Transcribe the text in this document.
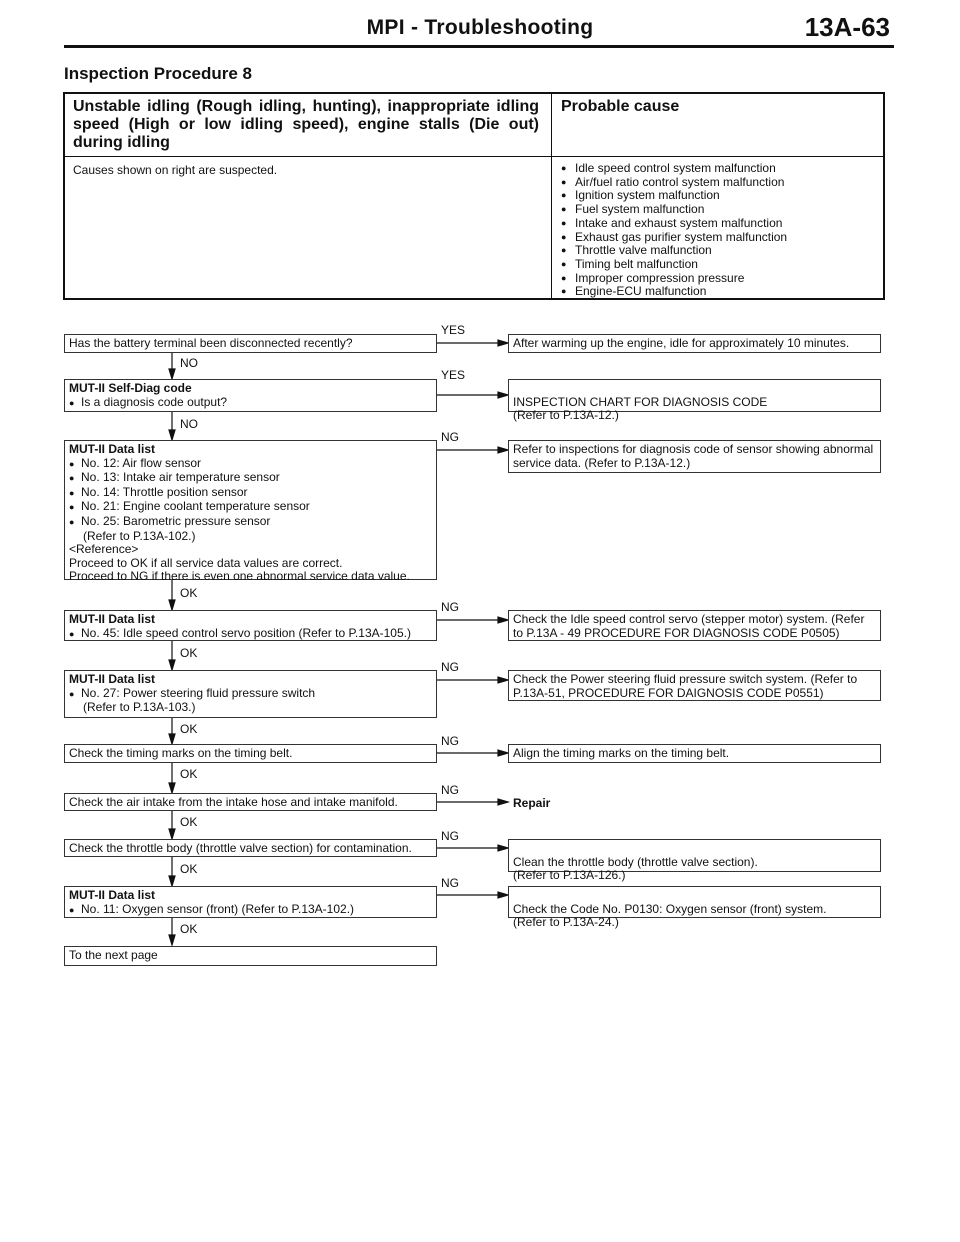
MPI - Troubleshooting	13A-63
Inspection Procedure 8
Unstable idling (Rough idling, hunting), inappropriate idling speed (High or low idling speed), engine stalls (Die out) during idling
Probable cause
Causes shown on right are suspected.
●	Idle speed control system malfunction
● Air/fuel ratio control system malfunction
● Ignition system malfunction
● Fuel system malfunction
● Intake and exhaust system malfunction
● Exhaust gas purifier system malfunction
● Throttle valve malfunction
● Timing belt malfunction
● Improper compression pressure
● Engine-ECU malfunction
Has the battery terminal been disconnected recently?
YES
After warming up the engine, idle for approximately 10 minutes.
NO
MUT-II Self-Diag code
● Is a diagnosis code output?
YES

INSPECTION CHART FOR DIAGNOSIS CODE
(Refer to P.13A-12.)

NO
MUT-II Data list
● No. 12: Air flow sensor
● No. 13: Intake air temperature sensor
● No. 14: Throttle position sensor
● No. 21: Engine coolant temperature sensor
● No. 25: Barometric pressure sensor
(Refer to P.13A-102.)
<Reference>
Proceed to OK if all service data values are correct.
Proceed to NG if there is even one abnormal service data value.
NG
Refer to inspections for diagnosis code of sensor showing abnormal service data. (Refer to P.13A-12.)
OK
MUT-II Data list
● No. 45: Idle speed control servo position (Refer to P.13A-105.)
NG
Check the Idle speed control servo (stepper motor) system. (Refer to P.13A - 49 PROCEDURE FOR DIAGNOSIS CODE P0505)
OK
MUT-II Data list
● No. 27: Power steering fluid pressure switch
(Refer to P.13A-103.)
NG
Check the Power steering fluid pressure switch system. (Refer to P.13A-51, PROCEDURE FOR DAIGNOSIS CODE P0551)
OK
Check the timing marks on the timing belt.
NG
Align the timing marks on the timing belt.
OK
Check the air intake from the intake hose and intake manifold.
NG
Repair
OK
Check the throttle body (throttle valve section) for contamination.
NG

Clean the throttle body (throttle valve section).
(Refer to P.13A-126.)

OK
MUT-II Data list
● No. 11: Oxygen sensor (front) (Refer to P.13A-102.)
NG

Check the Code No. P0130: Oxygen sensor (front) system.
(Refer to P.13A-24.)

OK
To the next page
